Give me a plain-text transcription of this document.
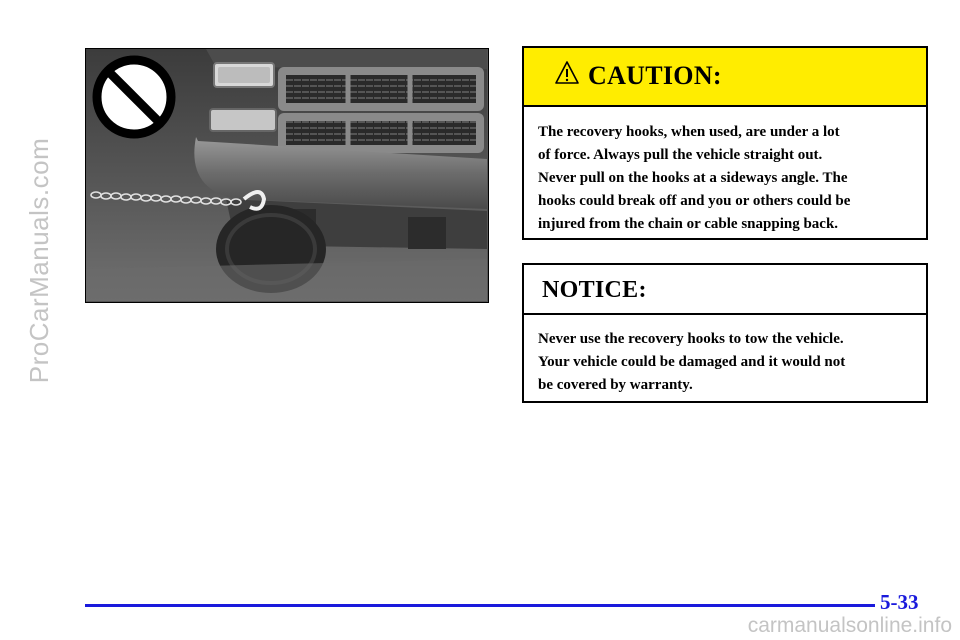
ProCarManuals.com
CAUTION:
The recovery hooks, when used, are under a lot
of force. Always pull the vehicle straight out.
Never pull on the hooks at a sideways angle. The
hooks could break off and you or others could be
injured from the chain or cable snapping back.
NOTICE:
Never use the recovery hooks to tow the vehicle.
Your vehicle could be damaged and it would not
be covered by warranty.
5-33
carmanualsonline.info
